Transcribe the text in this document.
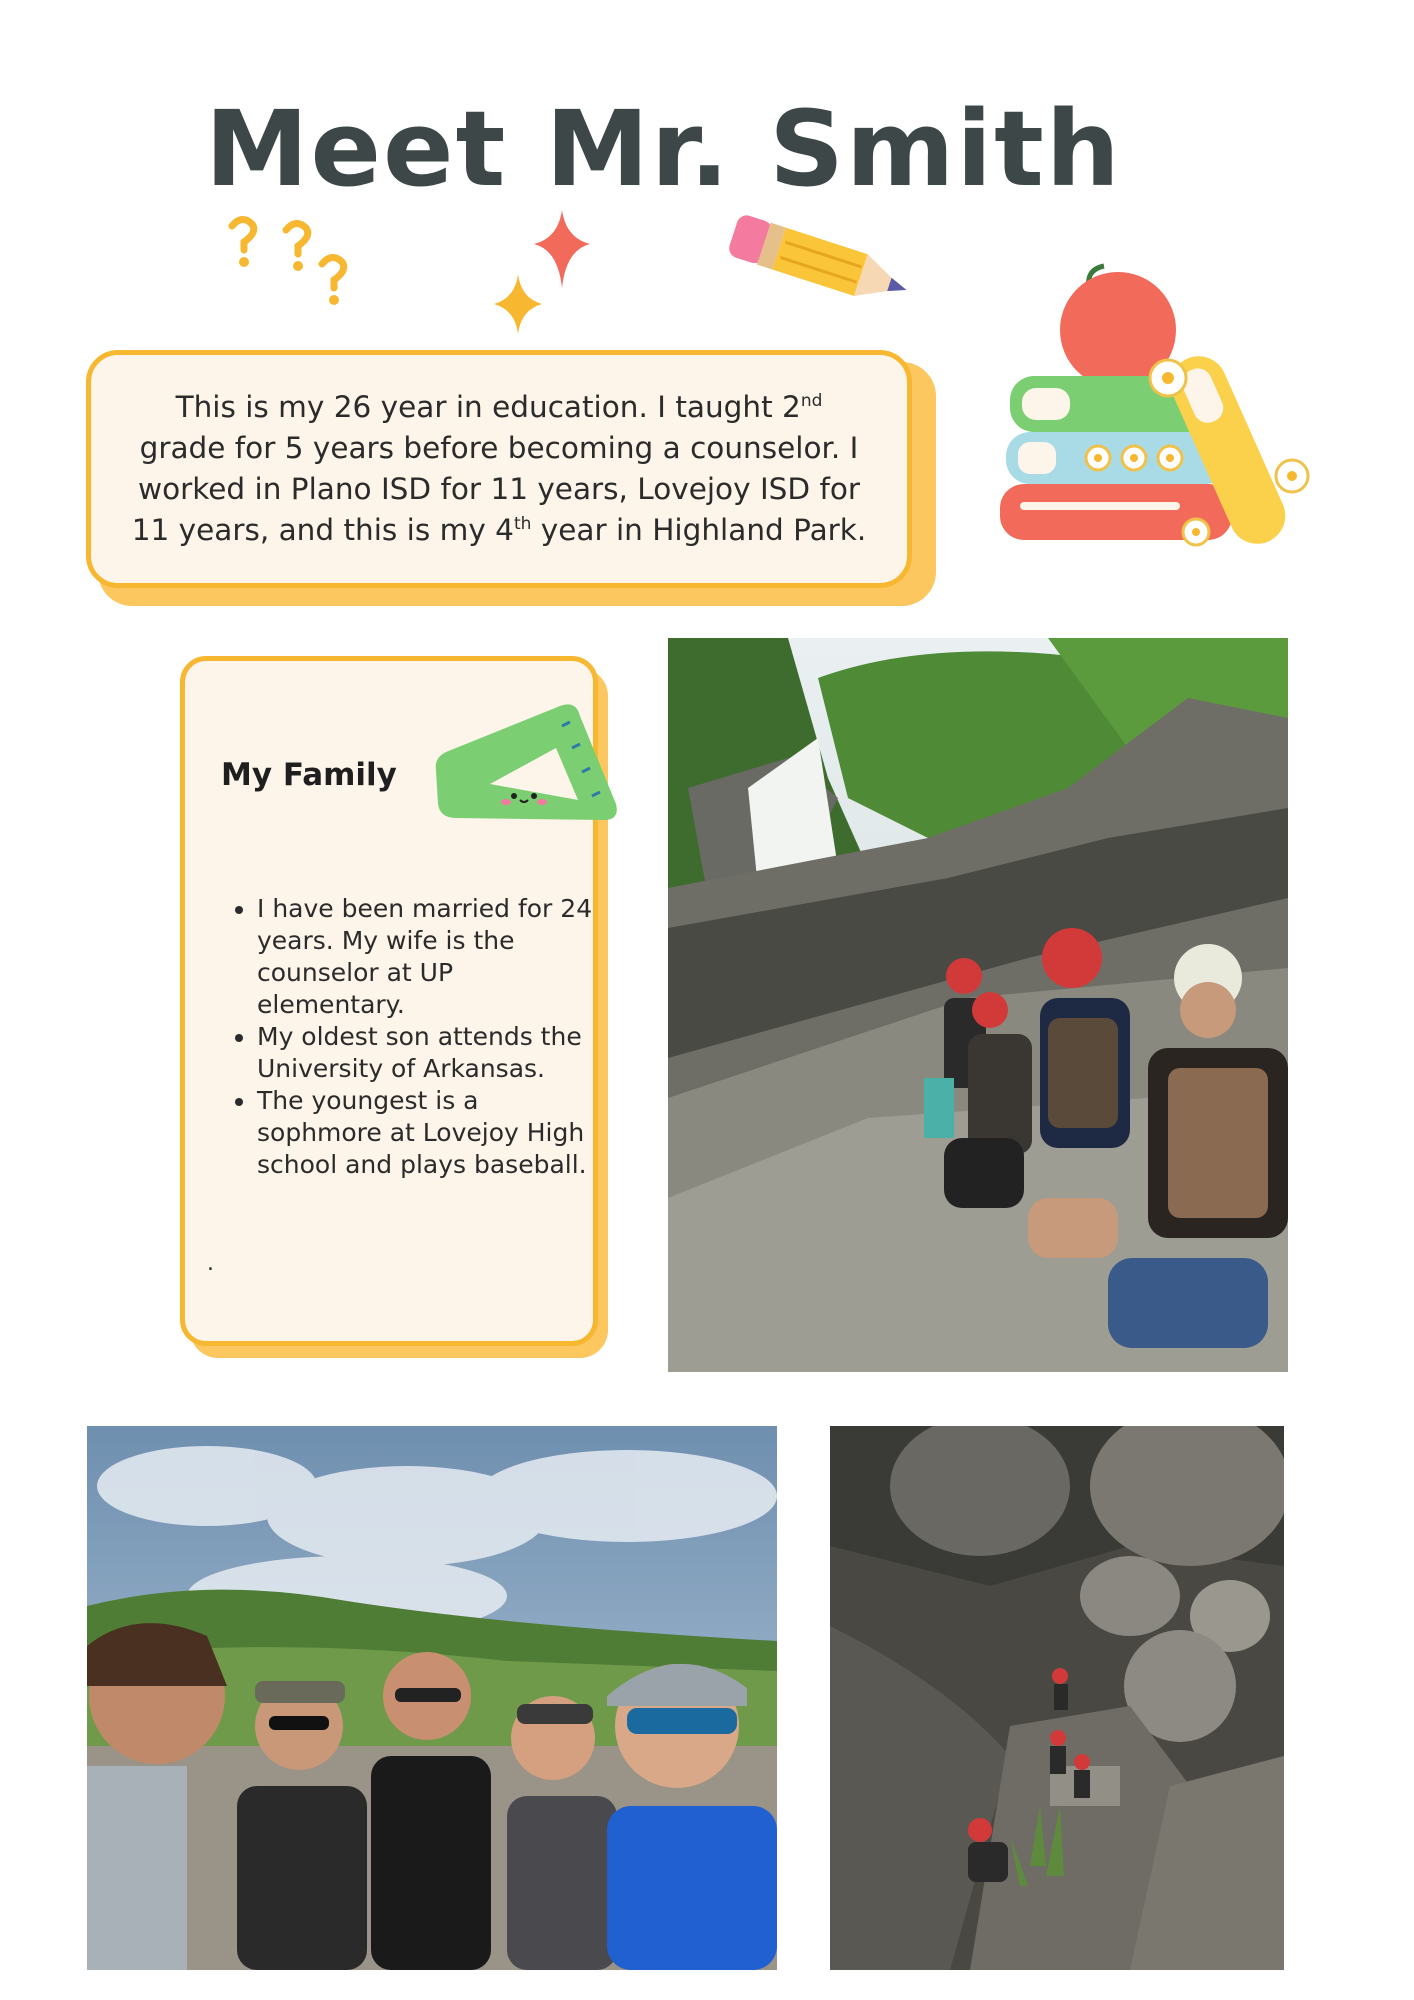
Meet Mr. Smith

This is my 26 year in education. I taught 2nd
grade for 5 years before becoming a counselor. I
worked in Plano ISD for 11 years, Lovejoy ISD for
11 years, and this is my 4th year in Highland Park.

My Family
• I have been married for 24 years. My wife is the counselor at UP elementary.
• My oldest son attends the University of Arkansas.
• The youngest is a sophmore at Lovejoy High school and plays baseball.
.
